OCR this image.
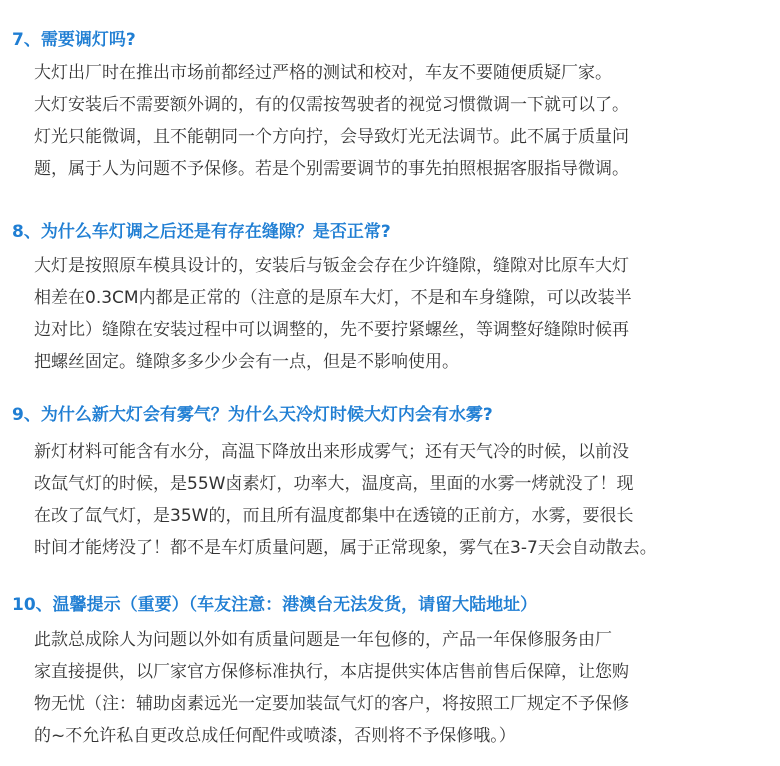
7、需要调灯吗?
大灯出厂时在推出市场前都经过严格的测试和校对，车友不要随便质疑厂家。
大灯安装后不需要额外调的，有的仅需按驾驶者的视觉习惯微调一下就可以了。
灯光只能微调，且不能朝同一个方向拧，会导致灯光无法调节。此不属于质量问
题，属于人为问题不予保修。若是个别需要调节的事先拍照根据客服指导微调。
8、为什么车灯调之后还是有存在缝隙？是否正常?
大灯是按照原车模具设计的，安装后与钣金会存在少许缝隙，缝隙对比原车大灯
相差在0.3CM内都是正常的（注意的是原车大灯，不是和车身缝隙，可以改装半
边对比）缝隙在安装过程中可以调整的，先不要拧紧螺丝，等调整好缝隙时候再
把螺丝固定。缝隙多多少少会有一点，但是不影响使用。
9、为什么新大灯会有雾气？为什么天冷灯时候大灯内会有水雾?
新灯材料可能含有水分，高温下降放出来形成雾气；还有天气冷的时候，以前没
改氙气灯的时候，是55W卤素灯，功率大，温度高，里面的水雾一烤就没了！现
在改了氙气灯，是35W的，而且所有温度都集中在透镜的正前方，水雾，要很长
时间才能烤没了！都不是车灯质量问题，属于正常现象，雾气在3-7天会自动散去。
10、温馨提示（重要）（车友注意：港澳台无法发货，请留大陆地址）
此款总成除人为问题以外如有质量问题是一年包修的，产品一年保修服务由厂
家直接提供，以厂家官方保修标准执行，本店提供实体店售前售后保障，让您购
物无忧（注：辅助卤素远光一定要加装氙气灯的客户，将按照工厂规定不予保修
的~不允许私自更改总成任何配件或喷漆，否则将不予保修哦。）
